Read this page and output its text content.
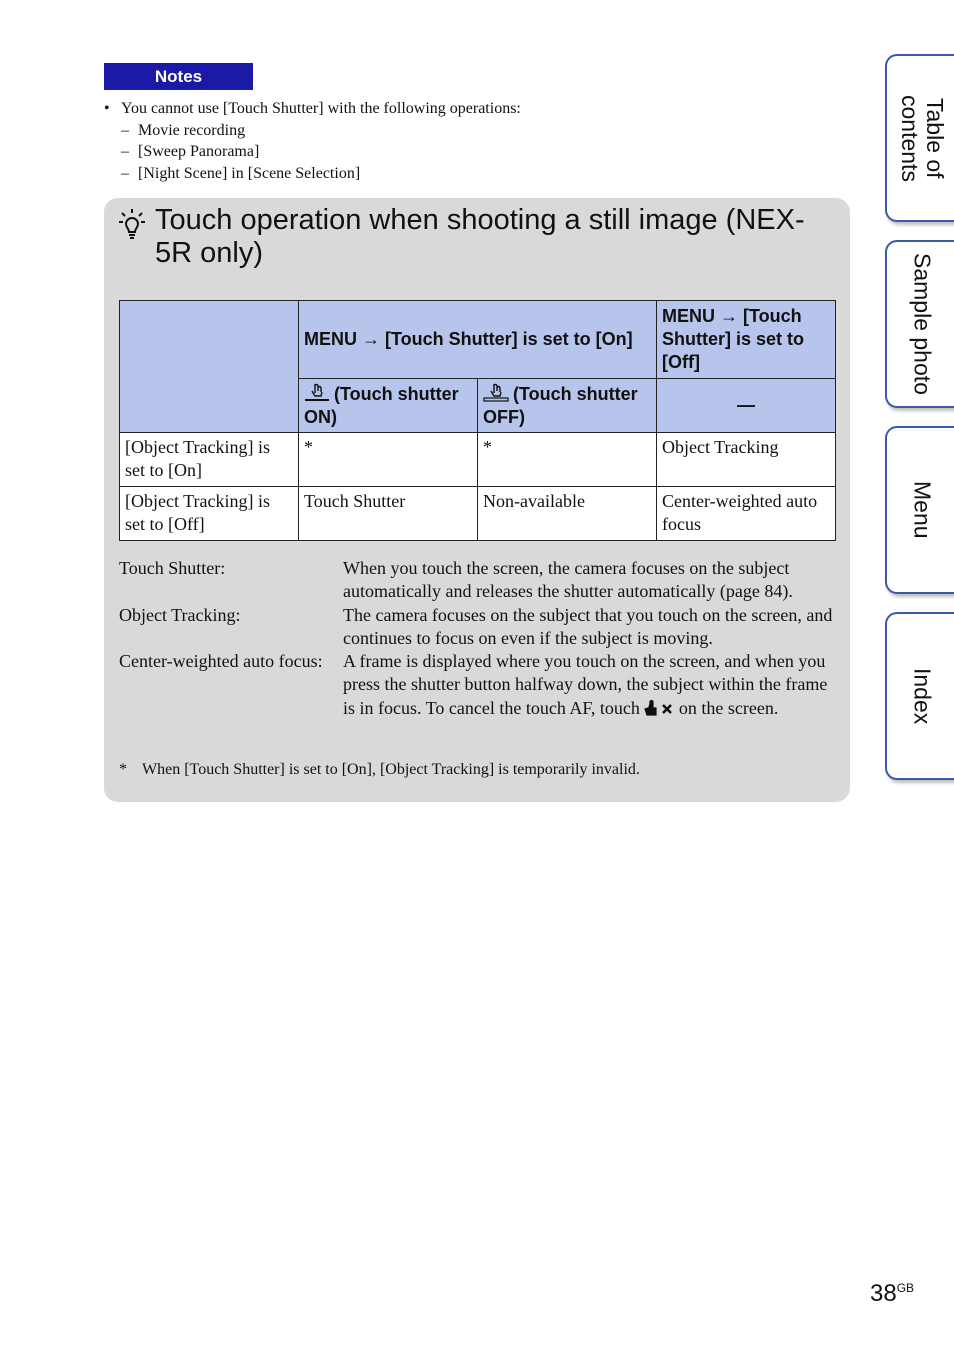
Notes
• You cannot use [Touch Shutter] with the following operations:
– Movie recording
– [Sweep Panorama]
– [Night Scene] in [Scene Selection]
Touch operation when shooting a still image (NEX-5R only)
	MENU → [Touch Shutter] is set to [On]		MENU → [Touch Shutter] is set to [Off]
	(Touch shutter ON)	(Touch shutter OFF)	—
[Object Tracking] is set to [On]	*	*	Object Tracking
[Object Tracking] is set to [Off]	Touch Shutter	Non-available	Center-weighted auto focus
Touch Shutter:	When you touch the screen, the camera focuses on the subject automatically and releases the shutter automatically (page 84).
Object Tracking:	The camera focuses on the subject that you touch on the screen, and continues to focus on even if the subject is moving.
Center-weighted auto focus:	A frame is displayed where you touch on the screen, and when you press the shutter button halfway down, the subject within the frame is in focus. To cancel the touch AF, touch on the screen.
* When [Touch Shutter] is set to [On], [Object Tracking] is temporarily invalid.
Table of
contents
Sample photo
Menu
Index
$38^{GB}$
